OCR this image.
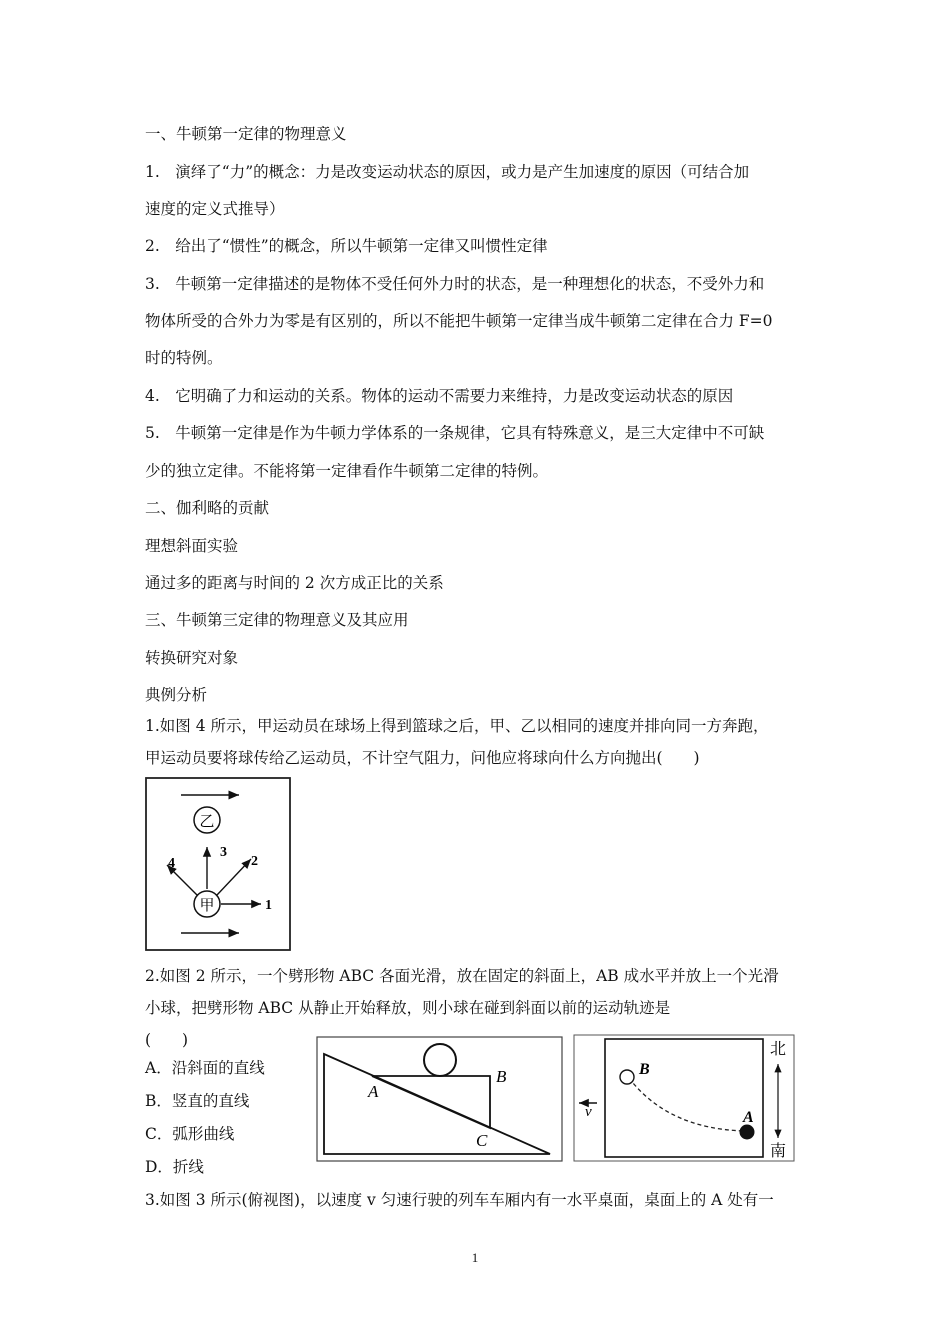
一、牛顿第一定律的物理意义
1.　演绎了“力”的概念：力是改变运动状态的原因，或力是产生加速度的原因（可结合加
速度的定义式推导）
2.　给出了“惯性”的概念，所以牛顿第一定律又叫惯性定律
3.　牛顿第一定律描述的是物体不受任何外力时的状态，是一种理想化的状态，不受外力和
物体所受的合外力为零是有区别的，所以不能把牛顿第一定律当成牛顿第二定律在合力 F=0
时的特例。
4.　它明确了力和运动的关系。物体的运动不需要力来维持，力是改变运动状态的原因
5.　牛顿第一定律是作为牛顿力学体系的一条规律，它具有特殊意义，是三大定律中不可缺
少的独立定律。不能将第一定律看作牛顿第二定律的特例。
二、伽利略的贡献
理想斜面实验
通过多的距离与时间的 2 次方成正比的关系
三、牛顿第三定律的物理意义及其应用
转换研究对象
典例分析
1.如图 4 所示，甲运动员在球场上得到篮球之后，甲、乙以相同的速度并排向同一方奔跑，
甲运动员要将球传给乙运动员，不计空气阻力，问他应将球向什么方向抛出(　　)
乙
3
2
4
1
甲
2.如图 2 所示，一个劈形物 ABC 各面光滑，放在固定的斜面上，AB 成水平并放上一个光滑
小球，把劈形物 ABC 从静止开始释放，则小球在碰到斜面以前的运动轨迹是
(　　)
A．沿斜面的直线
B．竖直的直线
C．弧形曲线
D．折线
A
B
C
v
B
A
北
南
3.如图 3 所示(俯视图)，以速度 v 匀速行驶的列车车厢内有一水平桌面，桌面上的 A 处有一
1
